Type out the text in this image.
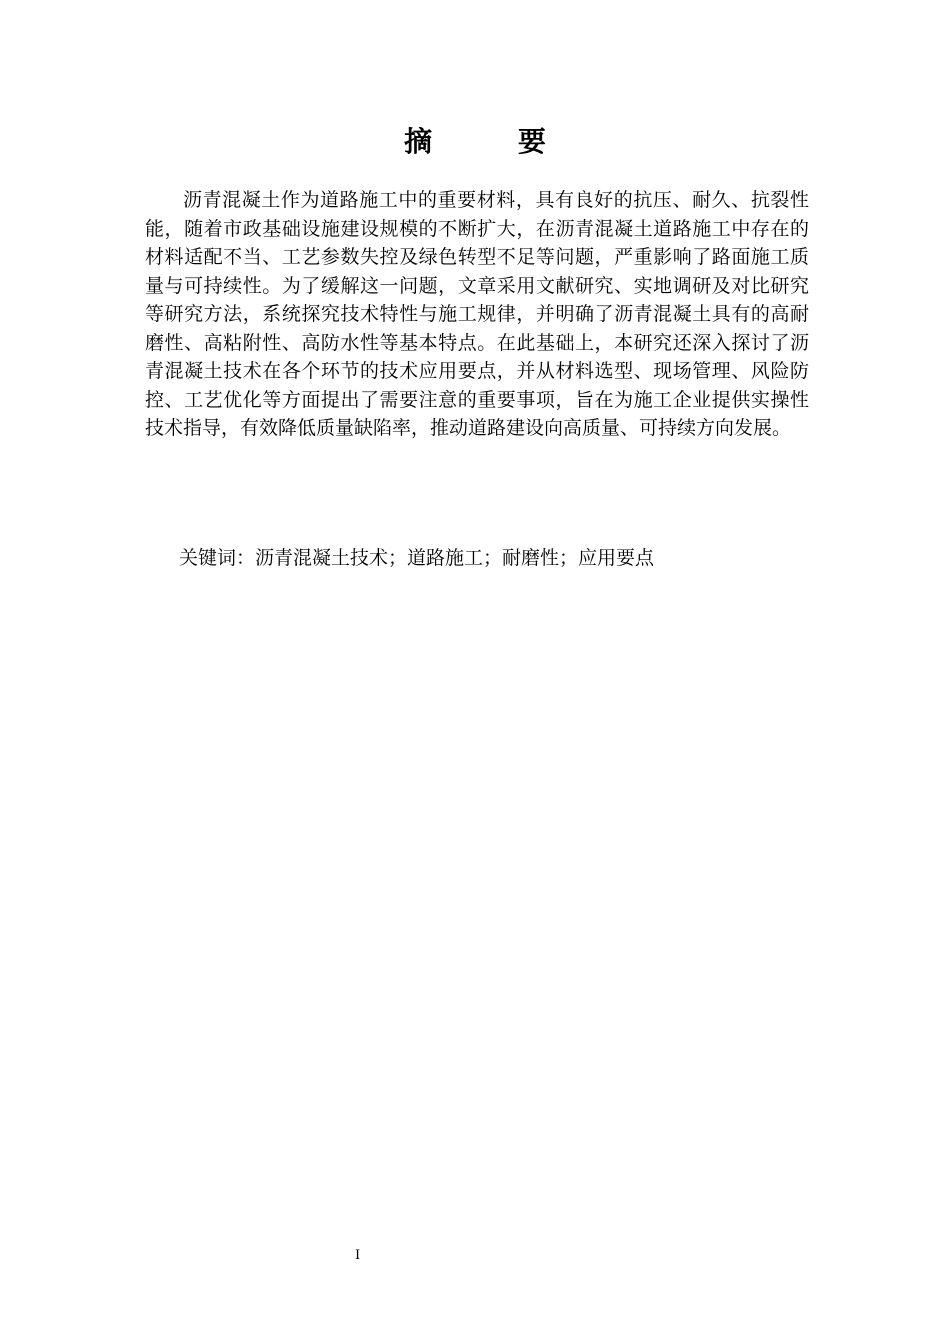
摘 要

沥青混凝土作为道路施工中的重要材料，具有良好的抗压、耐久、抗裂性能，随着市政基础设施建设规模的不断扩大，在沥青混凝土道路施工中存在的材料适配不当、工艺参数失控及绿色转型不足等问题，严重影响了路面施工质量与可持续性。为了缓解这一问题，文章采用文献研究、实地调研及对比研究等研究方法，系统探究技术特性与施工规律，并明确了沥青混凝土具有的高耐磨性、高粘附性、高防水性等基本特点。在此基础上，本研究还深入探讨了沥青混凝土技术在各个环节的技术应用要点，并从材料选型、现场管理、风险防控、工艺优化等方面提出了需要注意的重要事项，旨在为施工企业提供实操性技术指导，有效降低质量缺陷率，推动道路建设向高质量、可持续方向发展。

关键词：沥青混凝土技术；道路施工；耐磨性；应用要点
I
